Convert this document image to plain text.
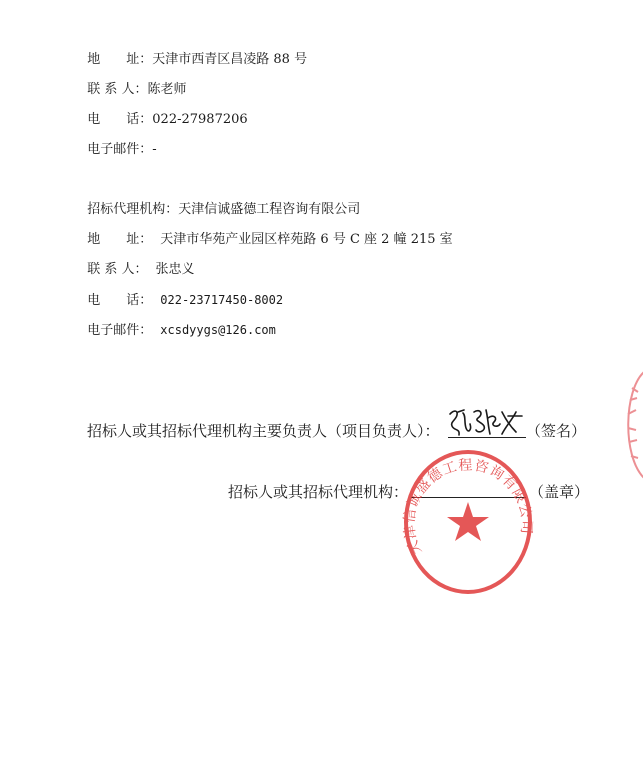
地　　址：天津市西青区昌凌路 88 号

联 系 人：陈老师

电　　话：022-27987206

电子邮件：-

招标代理机构：天津信诚盛德工程咨询有限公司

地　　址： 天津市华苑产业园区梓苑路 6 号 C 座 2 幢 215 室

联 系 人： 张忠义

电　　话： 022-23717450-8002

电子邮件： xcsdyygs@126.com

招标人或其招标代理机构主要负责人（项目负责人）：	（签名）
招标人或其招标代理机构：	（盖章）
天津信诚盛德工程咨询有限公司
